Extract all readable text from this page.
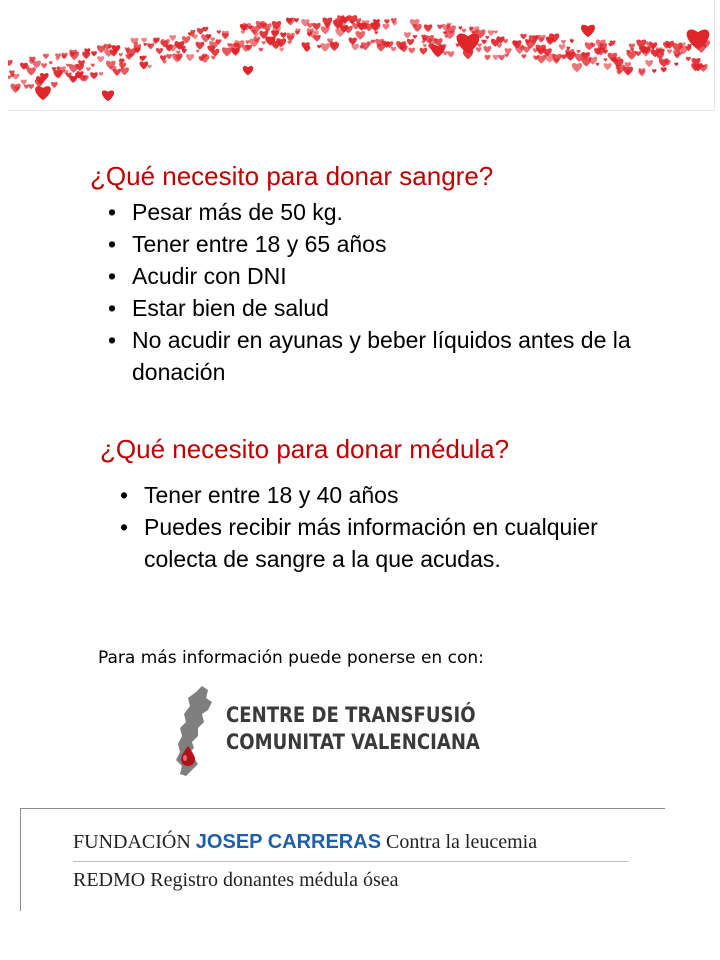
¿Qué necesito para donar sangre?
• Pesar más de 50 kg.
• Tener entre 18 y 65 años
• Acudir con DNI
• Estar bien de salud
• No acudir en ayunas y beber líquidos antes de la donación
¿Qué necesito para donar médula?
• Tener entre 18 y 40 años
• Puedes recibir más información en cualquier colecta de sangre a la que acudas.
Para más información puede ponerse en con:
CENTRE DE TRANSFUSIÓ
COMUNITAT VALENCIANA
FUNDACIÓN JOSEP CARRERAS Contra la leucemia
REDMO Registro donantes médula ósea
